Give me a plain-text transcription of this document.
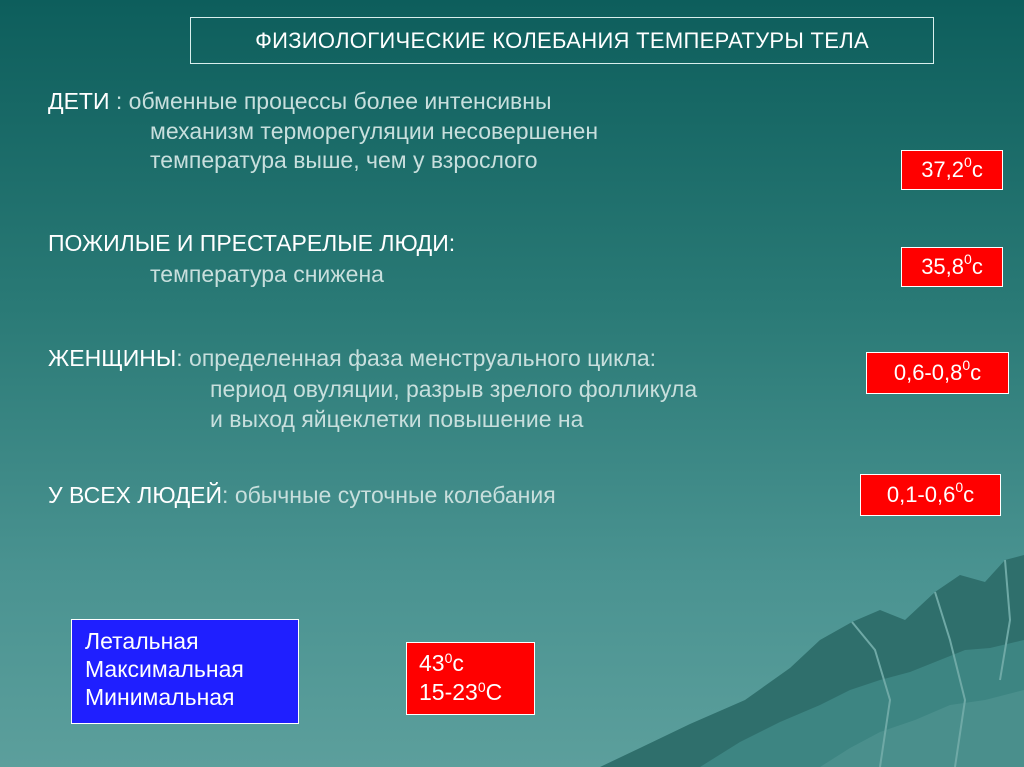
ФИЗИОЛОГИЧЕСКИЕ КОЛЕБАНИЯ ТЕМПЕРАТУРЫ ТЕЛА
ДЕТИ : обменные процессы более интенсивны
механизм терморегуляции несовершенен
температура выше, чем у взрослого	37,2$^0$ с
ПОЖИЛЫЕ И ПРЕСТАРЕЛЫЕ ЛЮДИ:
температура снижена	35,8$^0$ с
ЖЕНЩИНЫ: определенная фаза менструального цикла:
период овуляции, разрыв зрелого фолликула
и выход яйцеклетки повышение на
$0,6-0,8^0$ с
У ВСЕХ ЛЮДЕЙ: обычные суточные колебания	$0,1-0,6^0$ с
Летальная
Максимальная
Минимальная
$43^0с$
$15-23^0С$
